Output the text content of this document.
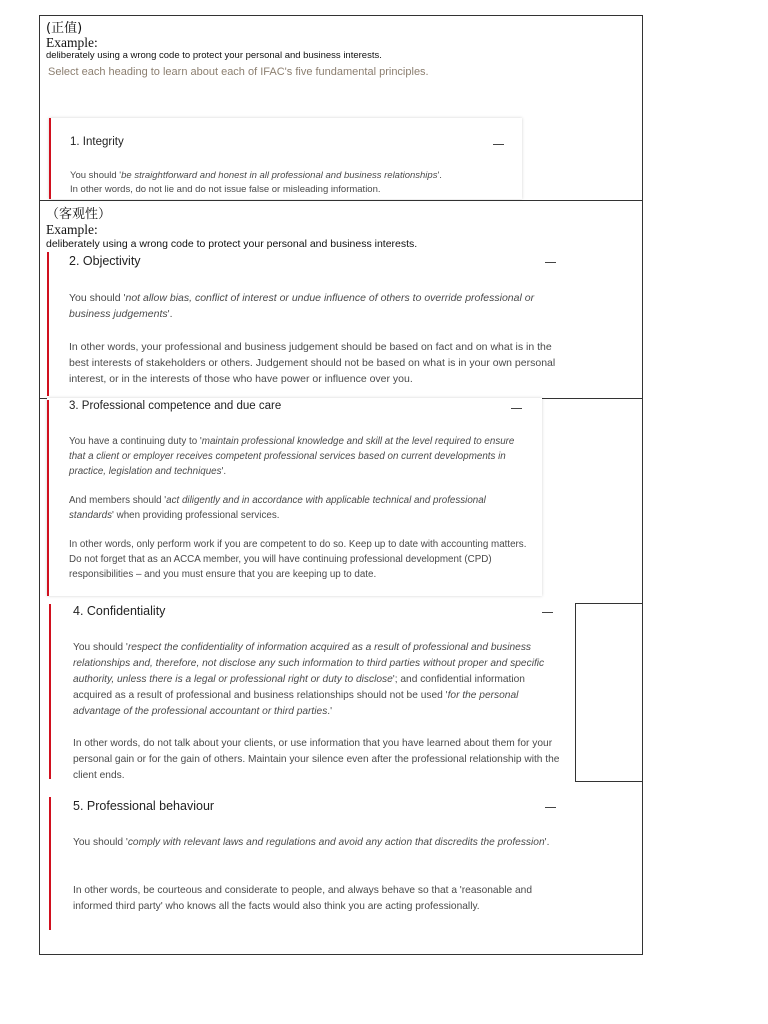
(正值)
Example:
deliberately using a wrong code to protect your personal and business interests.
Select each heading to learn about each of IFAC's five fundamental principles.
1. Integrity
You should 'be straightforward and honest in all professional and business relationships'.
In other words, do not lie and do not issue false or misleading information.
（客观性）
Example:
deliberately using a wrong code to protect your personal and business interests.
2. Objectivity
You should 'not allow bias, conflict of interest or undue influence of others to override professional or business judgements'.
In other words, your professional and business judgement should be based on fact and on what is in the best interests of stakeholders or others. Judgement should not be based on what is in your own personal interest, or in the interests of those who have power or influence over you.
3. Professional competence and due care
You have a continuing duty to 'maintain professional knowledge and skill at the level required to ensure that a client or employer receives competent professional services based on current developments in practice, legislation and techniques'.
And members should 'act diligently and in accordance with applicable technical and professional standards' when providing professional services.
In other words, only perform work if you are competent to do so. Keep up to date with accounting matters. Do not forget that as an ACCA member, you will have continuing professional development (CPD) responsibilities – and you must ensure that you are keeping up to date.
4. Confidentiality
You should 'respect the confidentiality of information acquired as a result of professional and business relationships and, therefore, not disclose any such information to third parties without proper and specific authority, unless there is a legal or professional right or duty to disclose'; and confidential information acquired as a result of professional and business relationships should not be used 'for the personal advantage of the professional accountant or third parties.'
In other words, do not talk about your clients, or use information that you have learned about them for your personal gain or for the gain of others. Maintain your silence even after the professional relationship with the client ends.
5. Professional behaviour
You should 'comply with relevant laws and regulations and avoid any action that discredits the profession'.
In other words, be courteous and considerate to people, and always behave so that a 'reasonable and informed third party' who knows all the facts would also think you are acting professionally.
